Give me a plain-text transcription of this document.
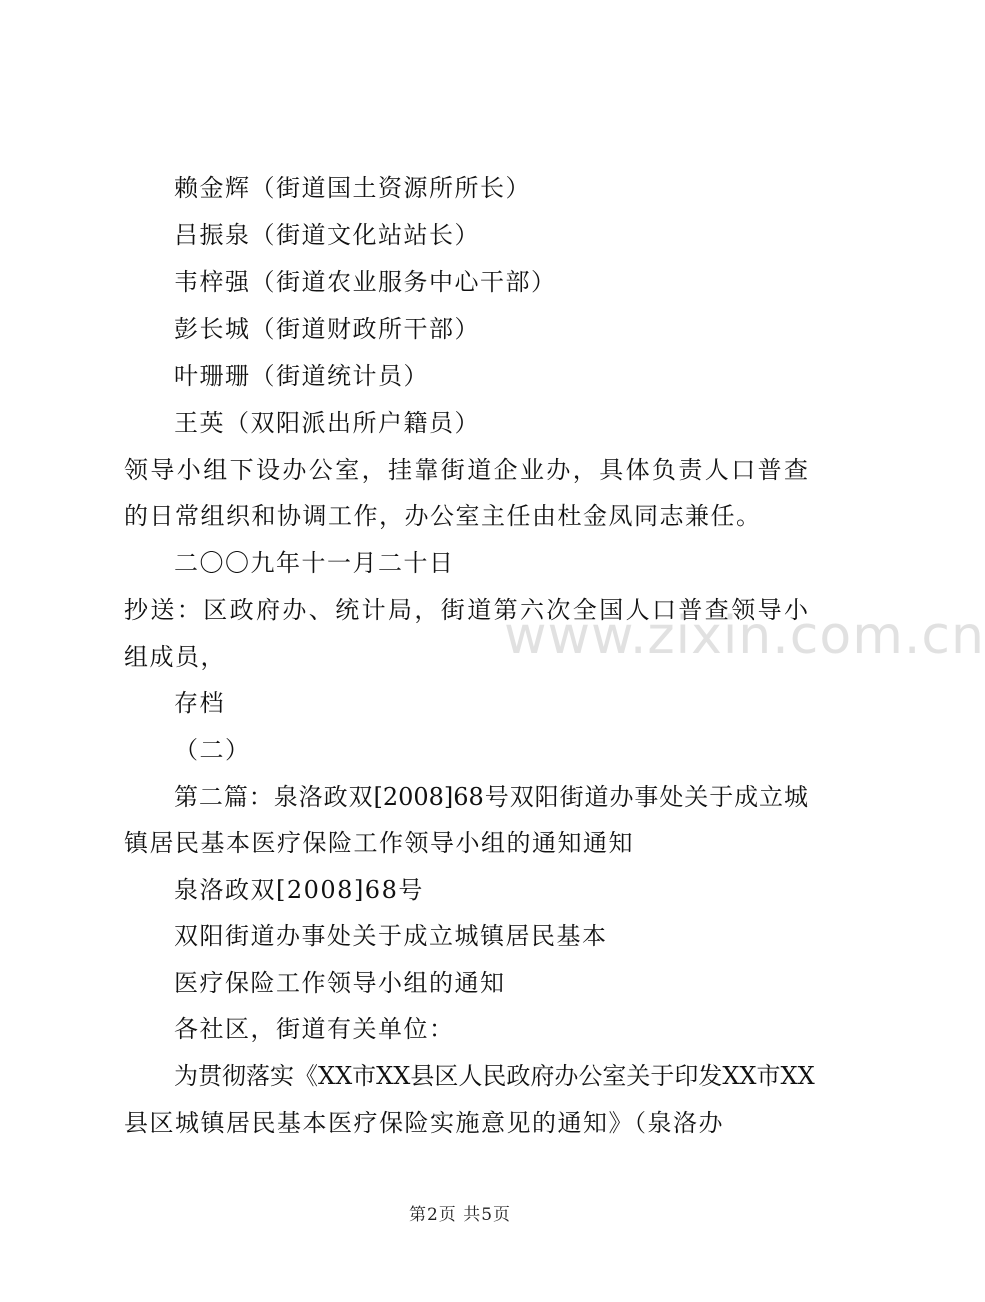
赖金辉（街道国土资源所所长）
吕振泉（街道文化站站长）
韦梓强（街道农业服务中心干部）
彭长城（街道财政所干部）
叶珊珊（街道统计员）
王英（双阳派出所户籍员）
领导小组下设办公室，挂靠街道企业办，具体负责人口普查
的日常组织和协调工作，办公室主任由杜金凤同志兼任。
二〇〇九年十一月二十日
抄送：区政府办、统计局，街道第六次全国人口普查领导小
组成员，
存档
（二）
第二篇：泉洛政双[2008]68号双阳街道办事处关于成立城
镇居民基本医疗保险工作领导小组的通知通知
泉洛政双[2008]68号
双阳街道办事处关于成立城镇居民基本
医疗保险工作领导小组的通知
各社区，街道有关单位：
为贯彻落实《XX市XX县区人民政府办公室关于印发XX市XX
县区城镇居民基本医疗保险实施意见的通知》（泉洛办
www.zixin.com.cn
第2页 共5页
